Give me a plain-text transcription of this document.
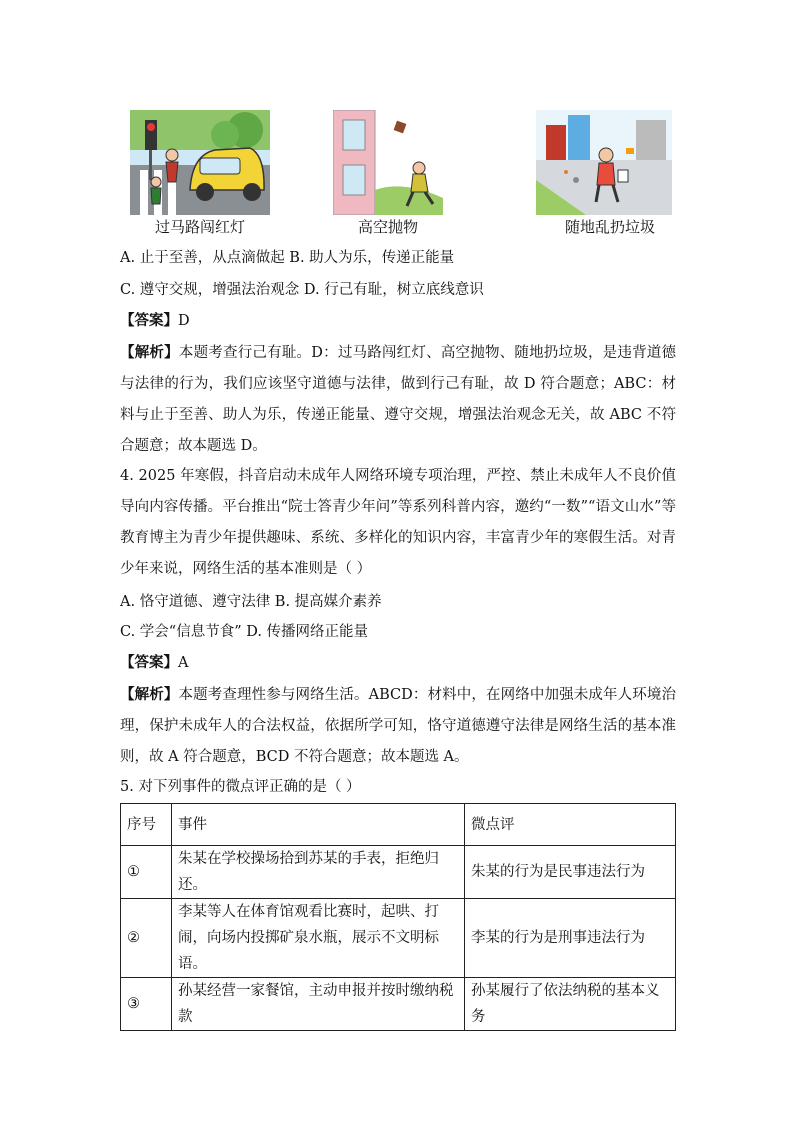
过马路闯红灯	高空抛物	随地乱扔垃圾
A. 止于至善，从点滴做起 B. 助人为乐，传递正能量
C. 遵守交规，增强法治观念 D. 行己有耻，树立底线意识
【答案】D
【解析】本题考查行己有耻。D：过马路闯红灯、高空抛物、随地扔垃圾，是违背道德与法律的行为，我们应该坚守道德与法律，做到行己有耻，故 D 符合题意；ABC：材料与止于至善、助人为乐，传递正能量、遵守交规，增强法治观念无关，故 ABC 不符合题意；故本题选 D。
4. 2025 年寒假，抖音启动未成年人网络环境专项治理，严控、禁止未成年人不良价值导向内容传播。平台推出“院士答青少年问”等系列科普内容，邀约“一数”“语文山水”等教育博主为青少年提供趣味、系统、多样化的知识内容，丰富青少年的寒假生活。对青少年来说，网络生活的基本准则是（ ）
A. 恪守道德、遵守法律 B. 提高媒介素养
C. 学会“信息节食” D. 传播网络正能量
【答案】A
【解析】本题考查理性参与网络生活。ABCD：材料中，在网络中加强未成年人环境治理，保护未成年人的合法权益，依据所学可知，恪守道德遵守法律是网络生活的基本准则，故 A 符合题意，BCD 不符合题意；故本题选 A。
5. 对下列事件的微点评正确的是（ ）
序号	事件	微点评
①	朱某在学校操场拾到苏某的手表，拒绝归还。	朱某的行为是民事违法行为
②	李某等人在体育馆观看比赛时，起哄、打闹，向场内投掷矿泉水瓶，展示不文明标语。	李某的行为是刑事违法行为
③	孙某经营一家餐馆，主动申报并按时缴纳税款	孙某履行了依法纳税的基本义务
